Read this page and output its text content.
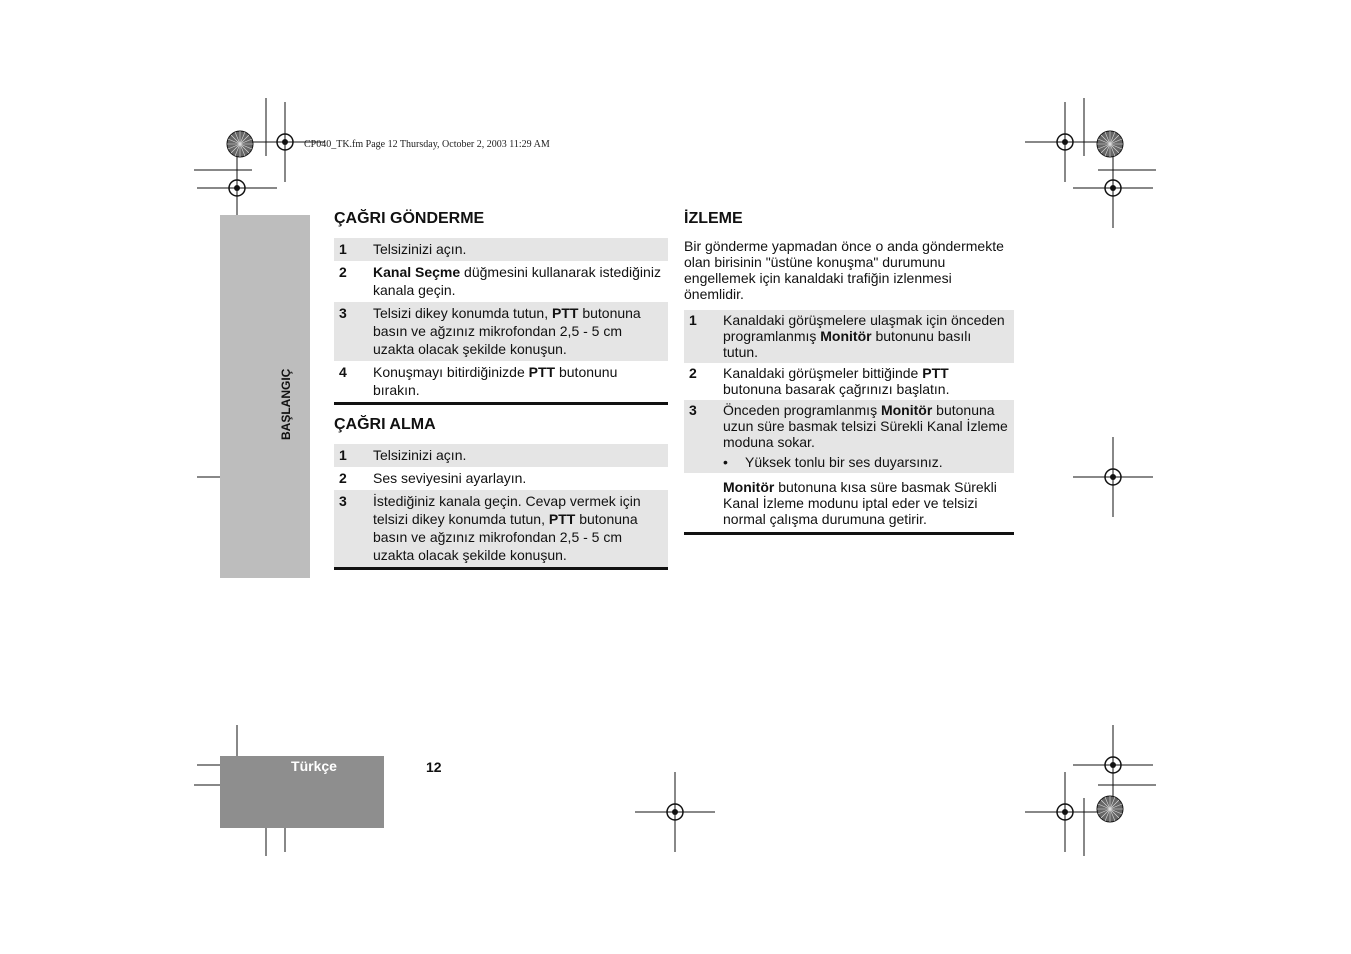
CP040_TK.fm Page 12 Thursday, October 2, 2003 11:29 AM
BAŞLANGIÇ
ÇAĞRI GÖNDERME
1	Telsizinizi açın.
2	Kanal Seçme düğmesini kullanarak istediğiniz kanala geçin.
3	Telsizi dikey konumda tutun, PTT butonuna basın ve ağzınız mikrofondan 2,5 - 5 cm uzakta olacak şekilde konuşun.
4	Konuşmayı bitirdiğinizde PTT butonunu bırakın.
ÇAĞRI ALMA
1	Telsizinizi açın.
2	Ses seviyesini ayarlayın.
3	İstediğiniz kanala geçin. Cevap vermek için telsizi dikey konumda tutun, PTT butonuna basın ve ağzınız mikrofondan 2,5 - 5 cm uzakta olacak şekilde konuşun.
İZLEME

Bir gönderme yapmadan önce o anda göndermekte olan birisinin "üstüne konuşma" durumunu engellemek için kanaldaki trafiğin izlenmesi önemlidir.

1	Kanaldaki görüşmelere ulaşmak için önceden programlanmış Monitör butonunu basılı tutun.
2	Kanaldaki görüşmeler bittiğinde PTT butonuna basarak çağrınızı başlatın.
3	Önceden programlanmış Monitör butonuna uzun süre basmak telsizi Sürekli Kanal İzleme moduna sokar.
• Yüksek tonlu bir ses duyarsınız.

	Monitör butonuna kısa süre basmak Sürekli Kanal İzleme modunu iptal eder ve telsizi normal çalışma durumuna getirir.
Türkçe	12
